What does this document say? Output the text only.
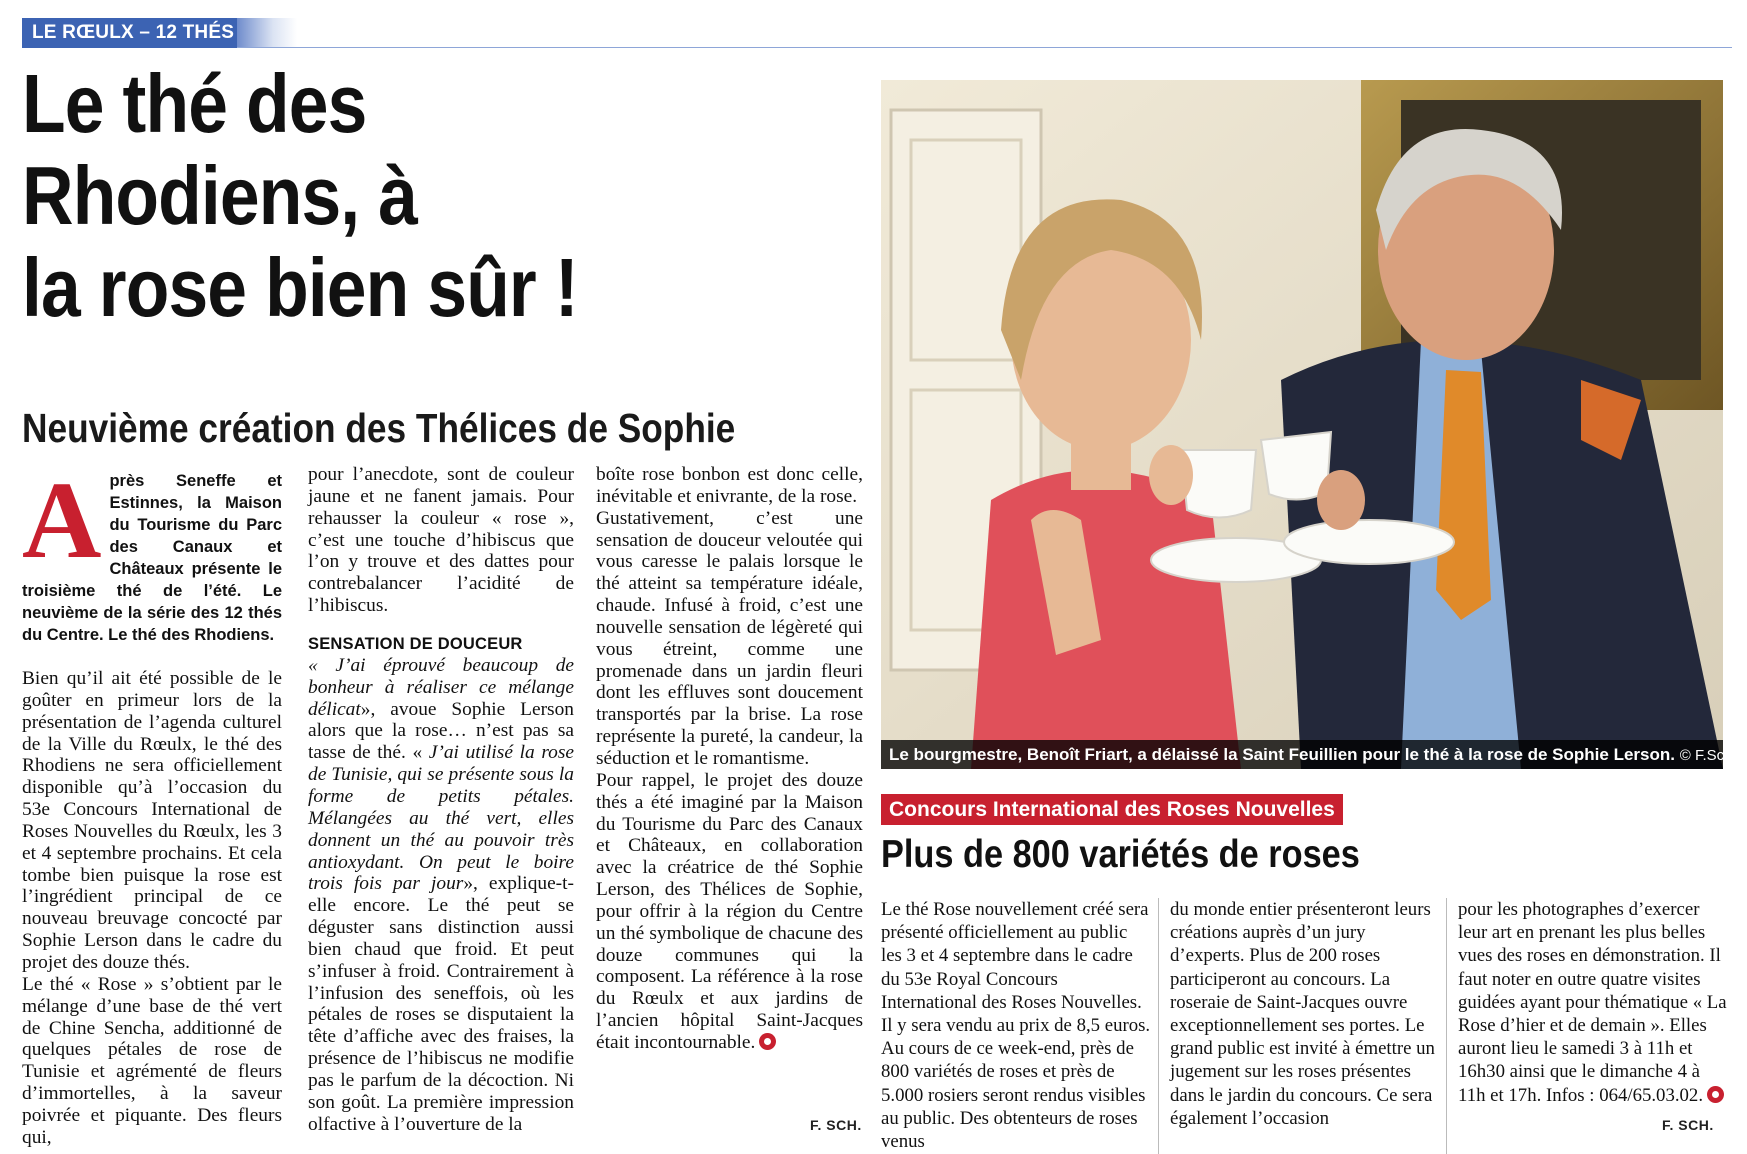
LE RŒULX – 12 THÉS
Le thé des
Rhodiens, à
la rose bien sûr !
Neuvième création des Thélices de Sophie

Après Seneffe et Estinnes, la Maison du Tourisme du Parc des Canaux et Châteaux présente le troisième thé de l’été. Le neuvième de la série des 12 thés du Centre. Le thé des Rhodiens.

Bien qu’il ait été possible de le goûter en primeur lors de la présentation de l’agenda culturel de la Ville du Rœulx, le thé des Rhodiens ne sera officiellement disponible qu’à l’occasion du 53e Concours International de Roses Nouvelles du Rœulx, les 3 et 4 septembre prochains. Et cela tombe bien puisque la rose est l’ingrédient principal de ce nouveau breuvage concocté par Sophie Lerson dans le cadre du projet des douze thés.

Le thé « Rose » s’obtient par le mélange d’une base de thé vert de Chine Sencha, additionné de quelques pétales de rose de Tunisie et agrémenté de fleurs d’immortelles, à la saveur poivrée et piquante. Des fleurs qui,

pour l’anecdote, sont de couleur jaune et ne fanent jamais. Pour rehausser la couleur « rose », c’est une touche d’hibiscus que l’on y trouve et des dattes pour contrebalancer l’acidité de l’hibiscus.

SENSATION DE DOUCEUR

« J’ai éprouvé beaucoup de bonheur à réaliser ce mélange délicat», avoue Sophie Lerson alors que la rose… n’est pas sa tasse de thé. « J’ai utilisé la rose de Tunisie, qui se présente sous la forme de petits pétales. Mélangées au thé vert, elles donnent un thé au pouvoir très antioxydant. On peut le boire trois fois par jour», explique-t-elle encore. Le thé peut se déguster sans distinction aussi bien chaud que froid. Et peut s’infuser à froid. Contrairement à l’infusion des seneffois, où les pétales de roses se disputaient la tête d’affiche avec des fraises, la présence de l’hibiscus ne modifie pas le parfum de la décoction. Ni son goût. La première impression olfactive à l’ouverture de la

boîte rose bonbon est donc celle, inévitable et enivrante, de la rose.

Gustativement, c’est une sensation de douceur veloutée qui vous caresse le palais lorsque le thé atteint sa température idéale, chaude. Infusé à froid, c’est une nouvelle sensation de légèreté qui vous étreint, comme une promenade dans un jardin fleuri dont les effluves sont doucement transportés par la brise. La rose représente la pureté, la candeur, la séduction et le romantisme.

Pour rappel, le projet des douze thés a été imaginé par la Maison du Tourisme du Parc des Canaux et Châteaux, en collaboration avec la créatrice de thé Sophie Lerson, des Thélices de Sophie, pour offrir à la région du Centre un thé symbolique de chacune des douze communes qui la composent. La référence à la rose du Rœulx et aux jardins de l’ancien hôpital Saint-Jacques était incontournable.

F. SCH.
Le bourgmestre, Benoît Friart, a délaissé la Saint Feuillien pour le thé à la rose de Sophie Lerson. © F.Sch.
Concours International des Roses Nouvelles
Plus de 800 variétés de roses

Le thé Rose nouvellement créé sera présenté officiellement au public les 3 et 4 septembre dans le cadre du 53e Royal Concours International des Roses Nouvelles. Il y sera vendu au prix de 8,5 euros. Au cours de ce week-end, près de 800 variétés de roses et près de 5.000 rosiers seront rendus visibles au public. Des obtenteurs de roses venus

du monde entier présenteront leurs créations auprès d’un jury d’experts. Plus de 200 roses participeront au concours. La roseraie de Saint-Jacques ouvre exceptionnellement ses portes. Le grand public est invité à émettre un jugement sur les roses présentes dans le jardin du concours. Ce sera également l’occasion

pour les photographes d’exercer leur art en prenant les plus belles vues des roses en démonstration. Il faut noter en outre quatre visites guidées ayant pour thématique « La Rose d’hier et de demain ». Elles auront lieu le samedi 3 à 11h et 16h30 ainsi que le dimanche 4 à 11h et 17h. Infos : 064/65.03.02.

F. SCH.
